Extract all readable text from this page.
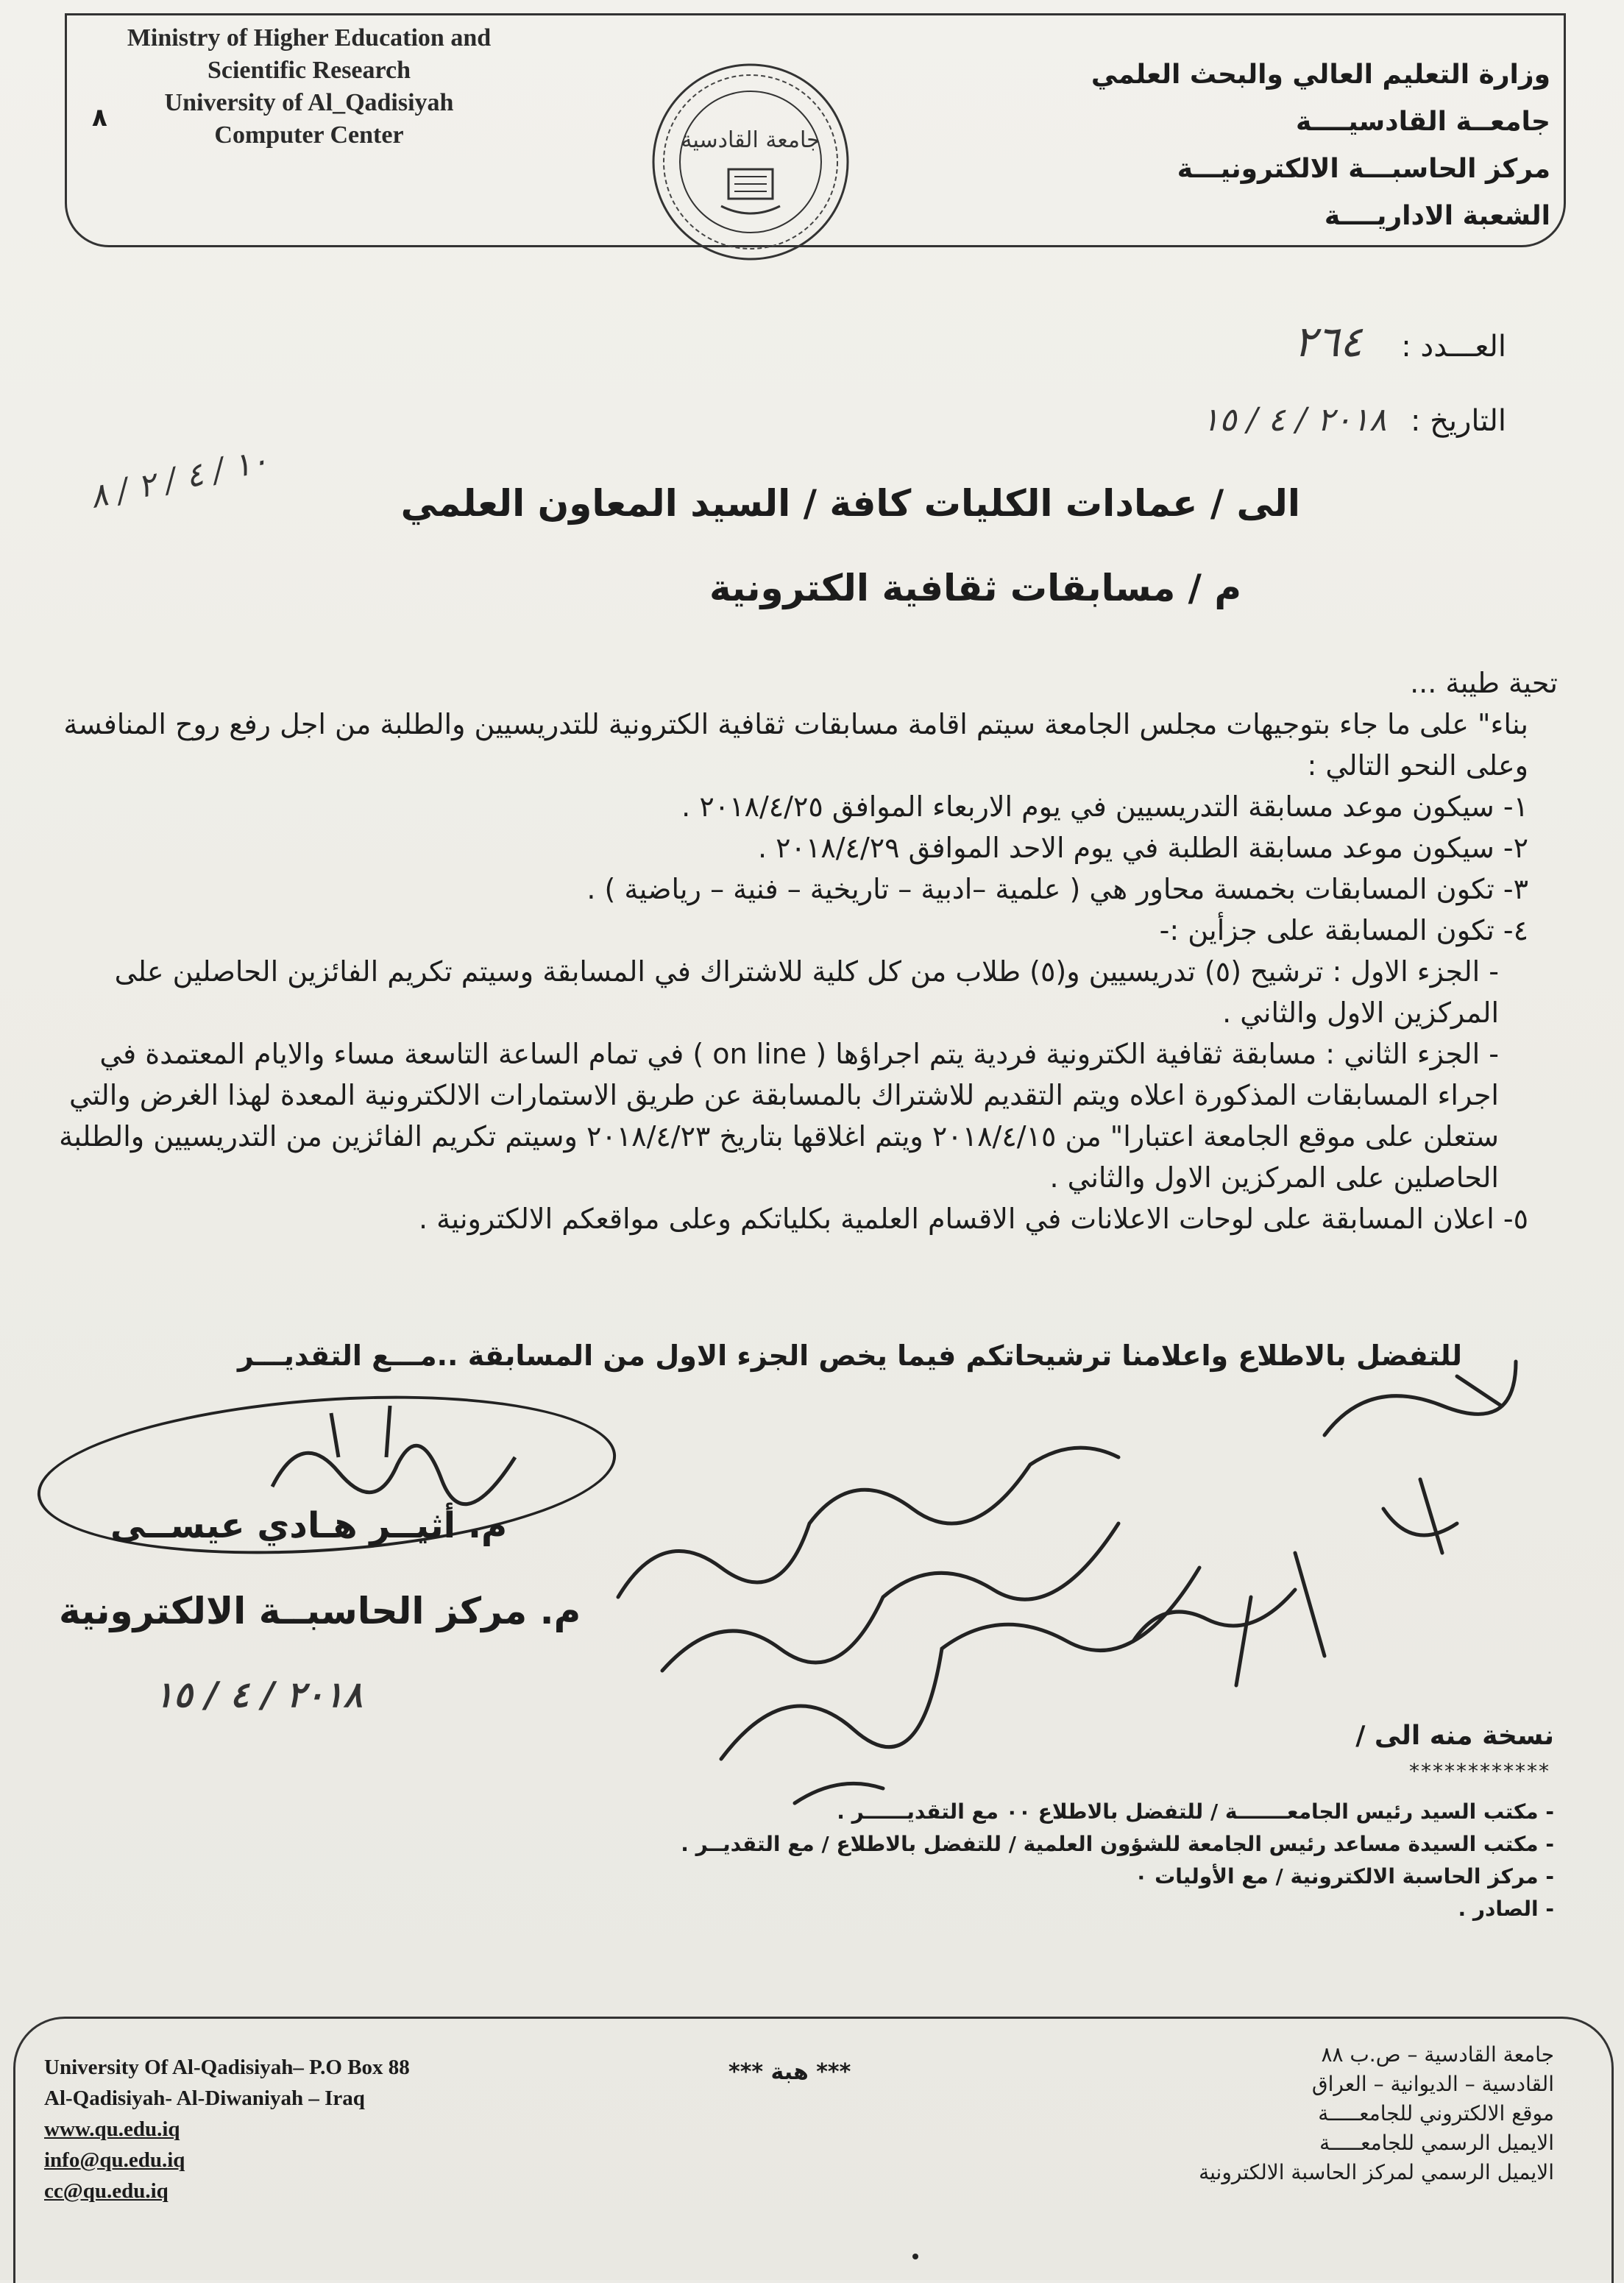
Ministry of Higher Education and
Scientific Research
University of Al_Qadisiyah
Computer Center
٨
جامعة القادسية
وزارة التعليم العالي والبحث العلمي
جامعــة القادسيــــة
مركز الحاسبـــة الالكترونيـــة
الشعبة الاداريــــة
العـــدد : ٢٦٤
التاريخ : ٢٠١٨ / ٤ / ١٥
١٠ / ٤ / ٢ / ٨
الى / عمادات الكليات كافة / السيد المعاون العلمي
م / مسابقات ثقافية الكترونية

تحية طيبة ...

بناء" على ما جاء بتوجيهات مجلس الجامعة سيتم اقامة مسابقات ثقافية الكترونية للتدريسيين والطلبة من اجل رفع روح المنافسة وعلى النحو التالي :

١- سيكون موعد مسابقة التدريسيين في يوم الاربعاء الموافق ٢٠١٨/٤/٢٥ .

٢- سيكون موعد مسابقة الطلبة في يوم الاحد الموافق ٢٠١٨/٤/٢٩ .

٣- تكون المسابقات بخمسة محاور هي ( علمية –ادبية – تاريخية – فنية – رياضية ) .

٤- تكون المسابقة على جزأين :-

- الجزء الاول : ترشيح (٥) تدريسيين و(٥) طلاب من كل كلية للاشتراك في المسابقة وسيتم تكريم الفائزين الحاصلين على المركزين الاول والثاني .

- الجزء الثاني : مسابقة ثقافية الكترونية فردية يتم اجراؤها ( on line ) في تمام الساعة التاسعة مساء والايام المعتمدة في اجراء المسابقات المذكورة اعلاه ويتم التقديم للاشتراك بالمسابقة عن طريق الاستمارات الالكترونية المعدة لهذا الغرض والتي ستعلن على موقع الجامعة اعتبارا" من ٢٠١٨/٤/١٥ ويتم اغلاقها بتاريخ ٢٠١٨/٤/٢٣ وسيتم تكريم الفائزين من التدريسيين والطلبة الحاصلين على المركزين الاول والثاني .

٥- اعلان المسابقة على لوحات الاعلانات في الاقسام العلمية بكلياتكم وعلى مواقعكم الالكترونية .

للتفضل بالاطلاع واعلامنا ترشيحاتكم فيما يخص الجزء الاول من المسابقة ..مـــع التقديـــر
م. أثيــر هـادي عيســى
م. مركز الحاسبــة الالكترونية
٢٠١٨ / ٤ / ١٥
نسخة منه الى /
************
- مكتب السيد رئيس الجامعـــــــة / للتفضل بالاطلاع ٠٠ مع التقديــــــر .
- مكتب السيدة مساعد رئيس الجامعة للشؤون العلمية / للتفضل بالاطلاع / مع التقديــر .
- مركز الحاسبة الالكترونية / مع الأوليات ٠
- الصادر .
University Of Al-Qadisiyah– P.O Box 88
Al-Qadisiyah- Al-Diwaniyah – Iraq
www.qu.edu.iq
info@qu.edu.iq
cc@qu.edu.iq
*** هبة ***
جامعة القادسية – ص.ب ٨٨
القادسية – الديوانية – العراق
موقع الالكتروني للجامعـــــة
الايميل الرسمي للجامعـــــة
الايميل الرسمي لمركز الحاسبة الالكترونية
